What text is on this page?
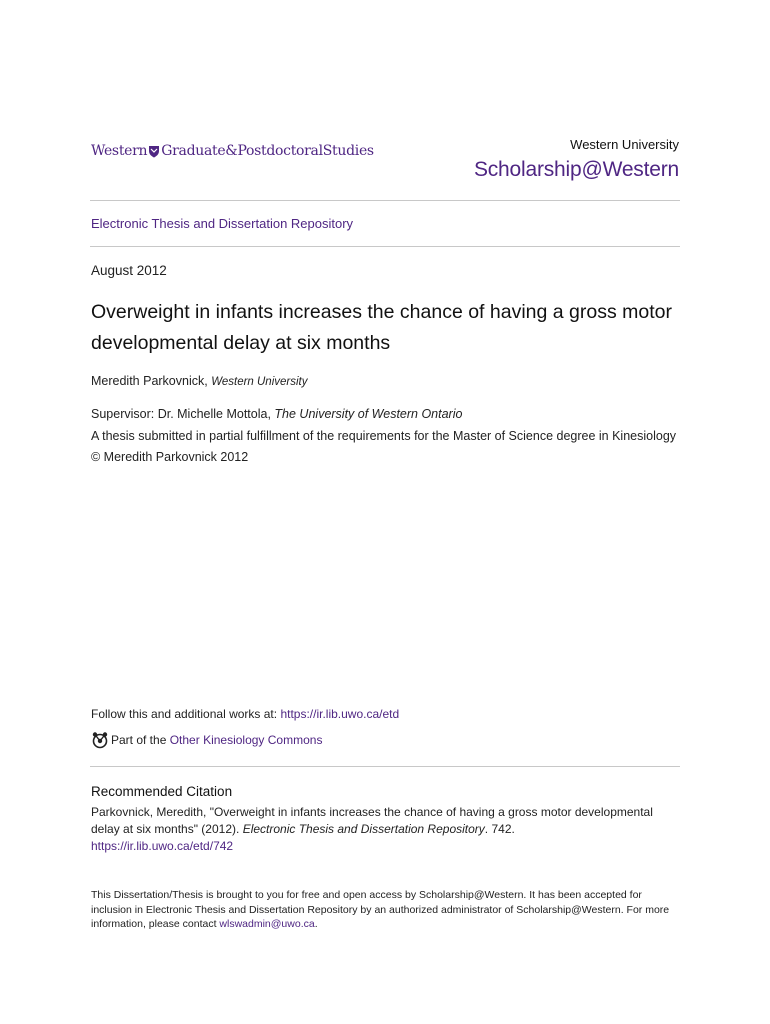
Western Graduate&PostdoctoralStudies	Western University
Scholarship@Western
Electronic Thesis and Dissertation Repository
August 2012
Overweight in infants increases the chance of having a gross motor developmental delay at six months
Meredith Parkovnick, Western University
Supervisor: Dr. Michelle Mottola, The University of Western Ontario
A thesis submitted in partial fulfillment of the requirements for the Master of Science degree in Kinesiology
© Meredith Parkovnick 2012
Follow this and additional works at: https://ir.lib.uwo.ca/etd
Part of the
Other Kinesiology Commons
Recommended Citation
Parkovnick, Meredith, "Overweight in infants increases the chance of having a gross motor developmental delay at six months" (2012). Electronic Thesis and Dissertation Repository. 742.
https://ir.lib.uwo.ca/etd/742
This Dissertation/Thesis is brought to you for free and open access by Scholarship@Western. It has been accepted for inclusion in Electronic Thesis and Dissertation Repository by an authorized administrator of Scholarship@Western. For more information, please contact wlswadmin@uwo.ca.
